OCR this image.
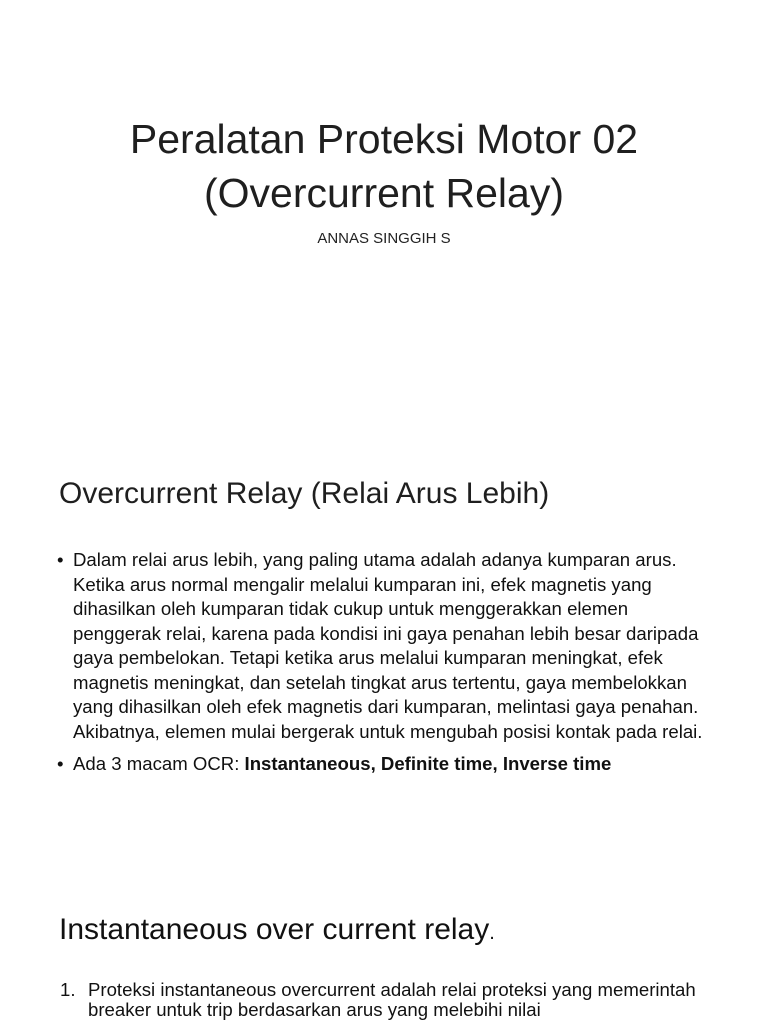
Peralatan Proteksi Motor 02
(Overcurrent Relay)
ANNAS SINGGIH S
Overcurrent Relay (Relai Arus Lebih)
• Dalam relai arus lebih, yang paling utama adalah adanya kumparan arus. Ketika arus normal mengalir melalui kumparan ini, efek magnetis yang dihasilkan oleh kumparan tidak cukup untuk menggerakkan elemen penggerak relai, karena pada kondisi ini gaya penahan lebih besar daripada gaya pembelokan. Tetapi ketika arus melalui kumparan meningkat, efek magnetis meningkat, dan setelah tingkat arus tertentu, gaya membelokkan yang dihasilkan oleh efek magnetis dari kumparan, melintasi gaya penahan. Akibatnya, elemen mulai bergerak untuk mengubah posisi kontak pada relai.
• Ada 3 macam OCR: Instantaneous, Definite time, Inverse time
Instantaneous over current relay.
1. Proteksi instantaneous overcurrent adalah relai proteksi yang memerintah breaker untuk trip berdasarkan arus yang melebihi nilai
